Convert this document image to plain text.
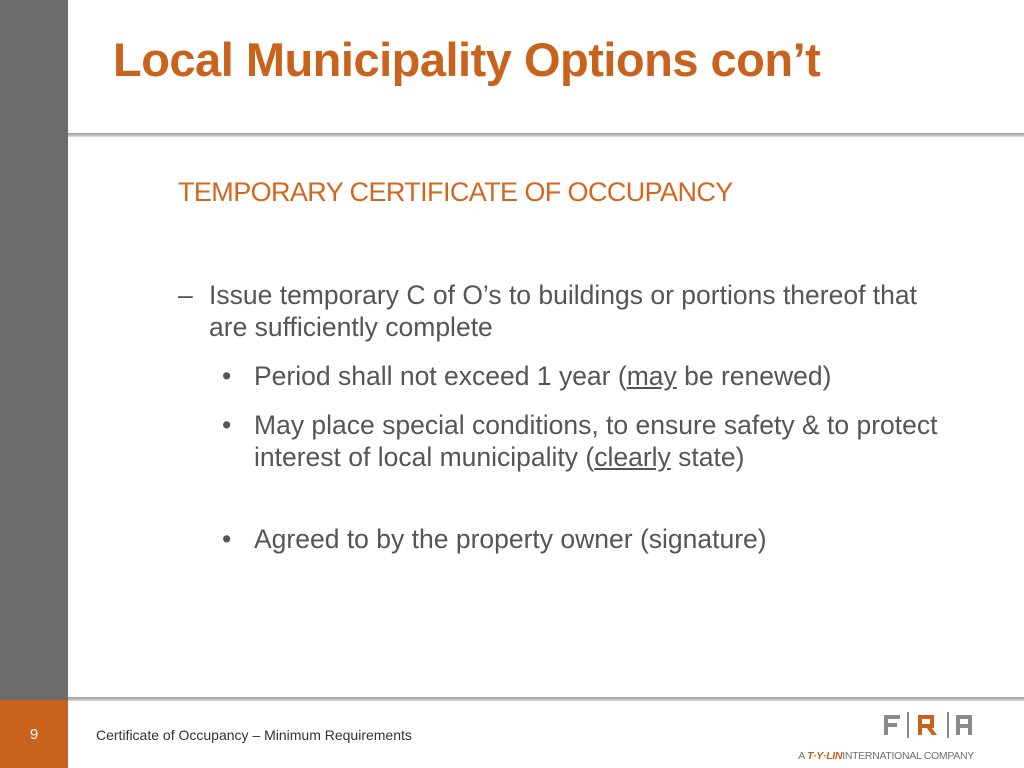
Local Municipality Options con’t
TEMPORARY CERTIFICATE OF OCCUPANCY
– Issue temporary C of O’s to buildings or portions thereof that are sufficiently complete
• Period shall not exceed 1 year (may be renewed)
• May place special conditions, to ensure safety & to protect interest of local municipality (clearly state)
• Agreed to by the property owner (signature)
9	Certificate of Occupancy – Minimum Requirements
A T·Y·LININTERNATIONAL COMPANY
